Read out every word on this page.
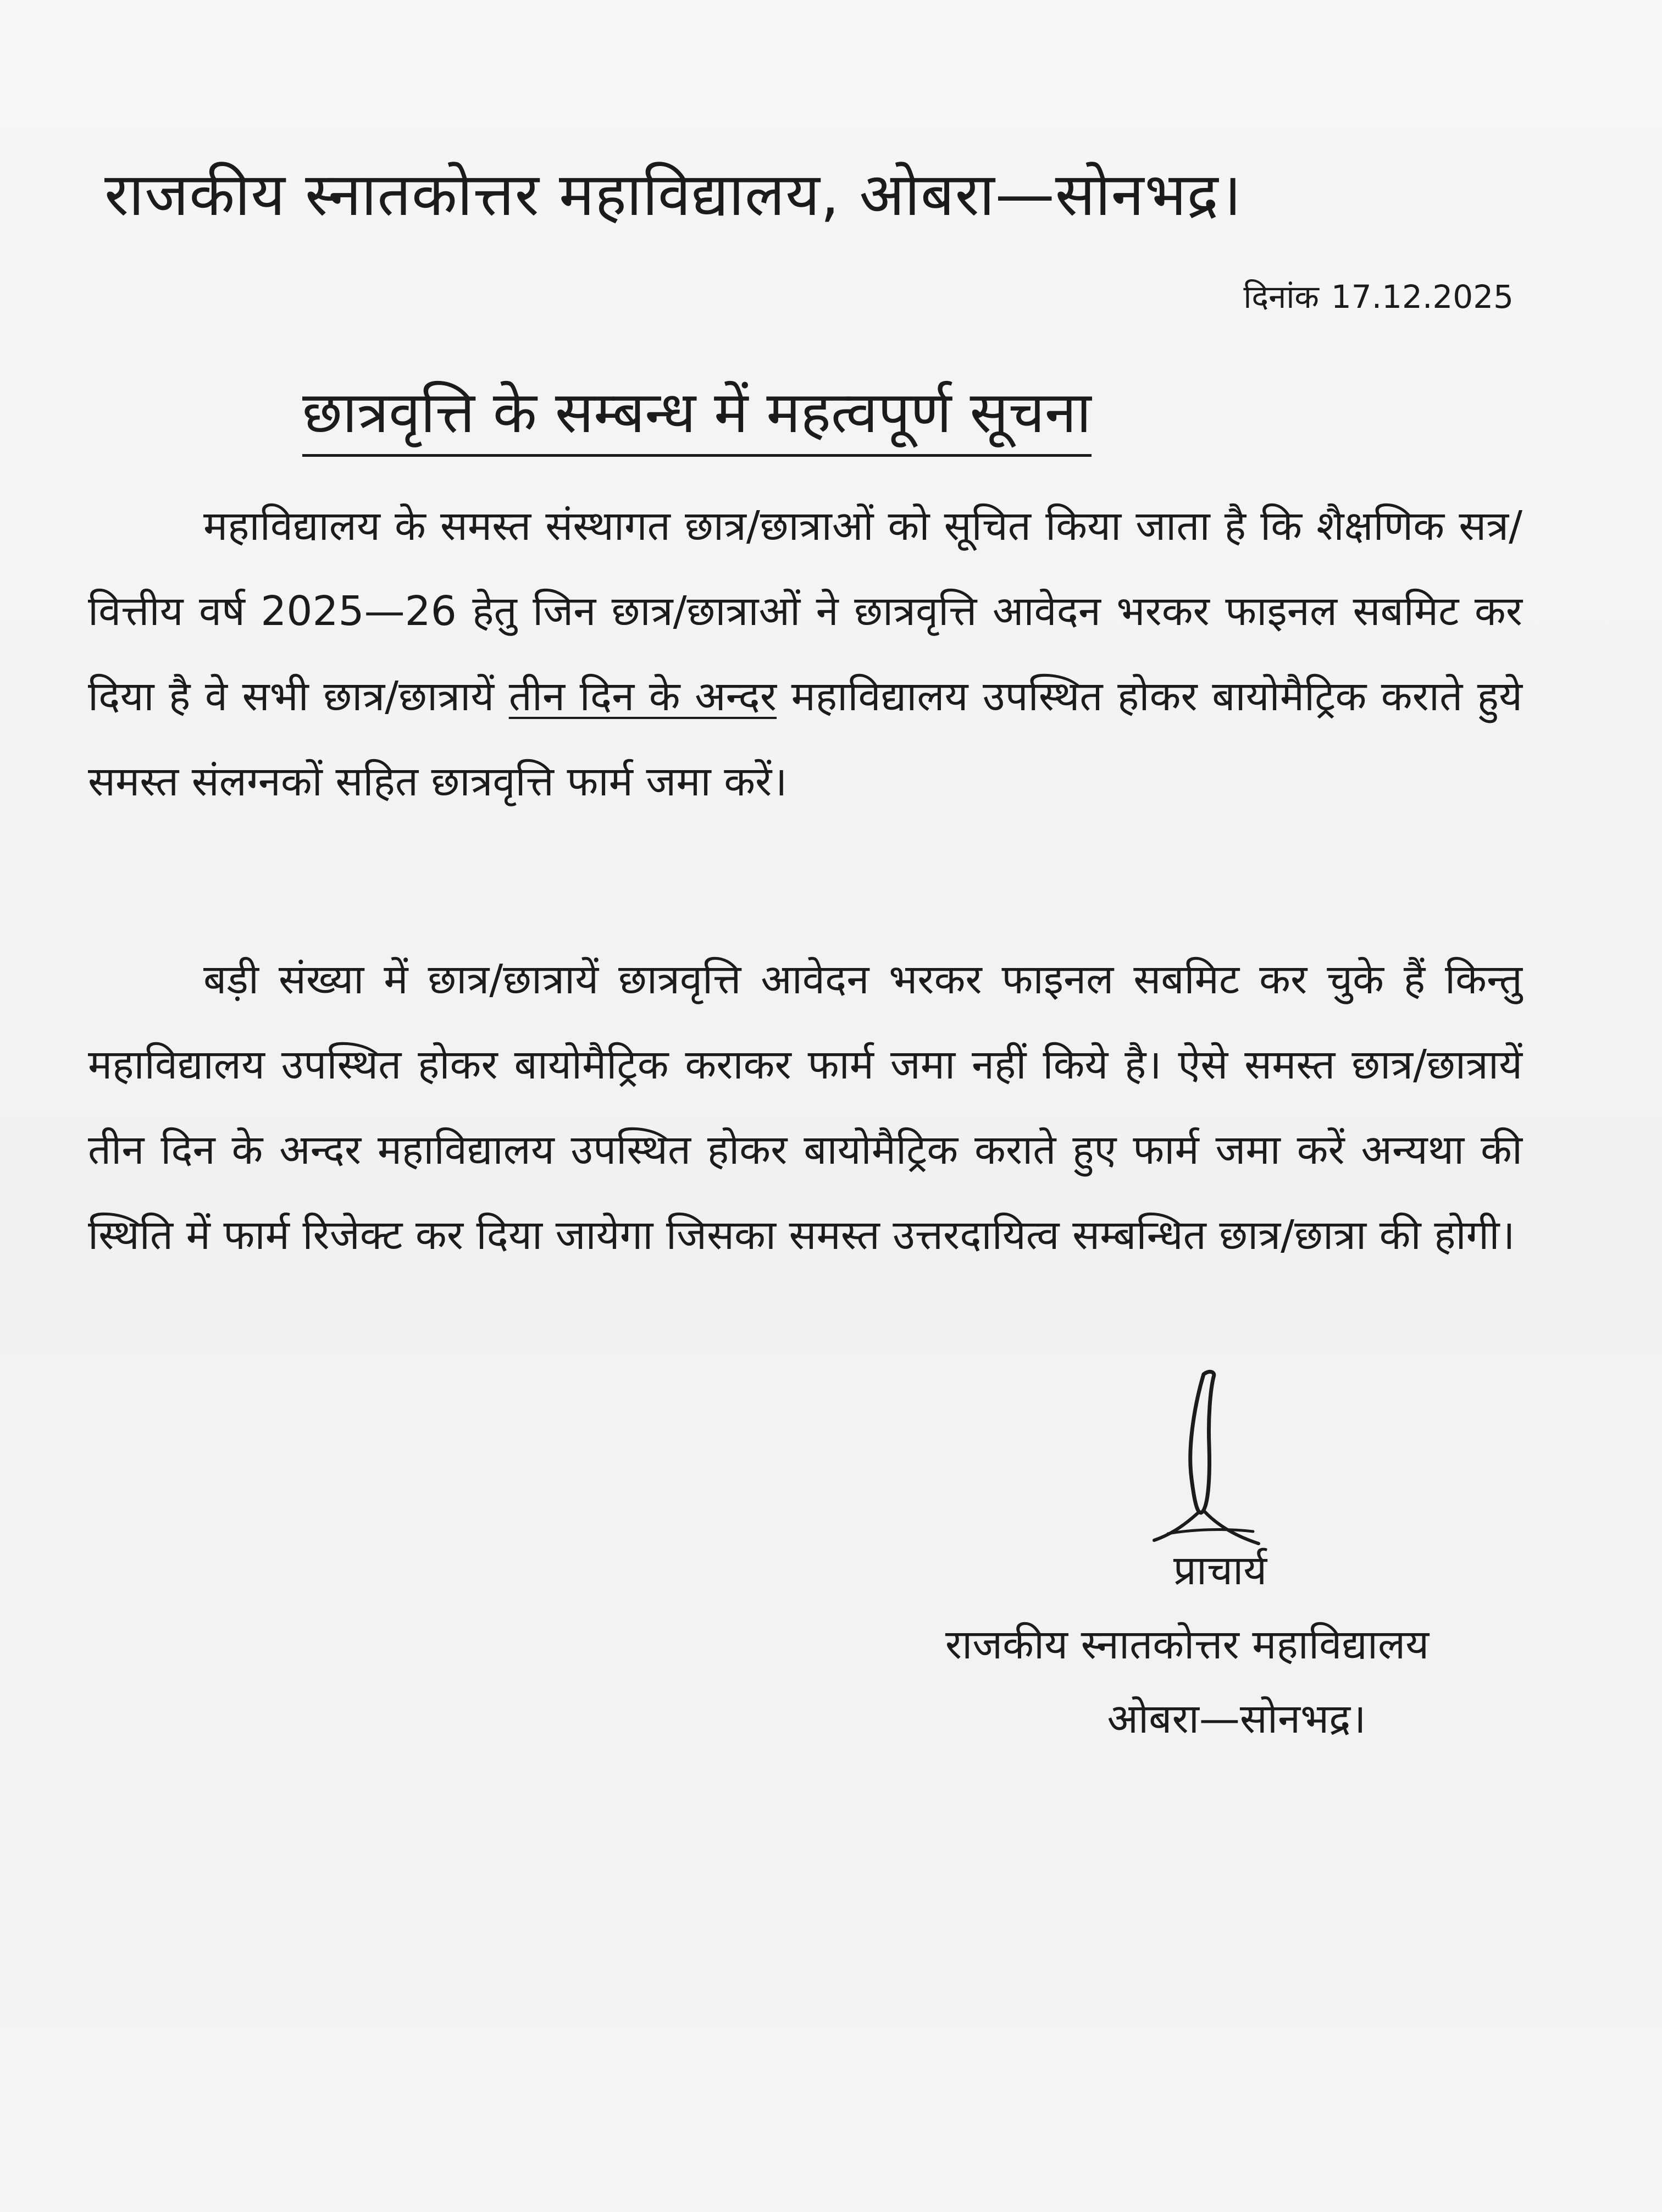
राजकीय स्नातकोत्तर महाविद्यालय, ओबरा—सोनभद्र।
दिनांक 17.12.2025
छात्रवृत्ति के सम्बन्ध में महत्वपूर्ण सूचना

महाविद्यालय के समस्त संस्थागत छात्र/छात्राओं को सूचित किया जाता है कि शैक्षणिक सत्र/वित्तीय वर्ष 2025—26 हेतु जिन छात्र/छात्राओं ने छात्रवृत्ति आवेदन भरकर फाइनल सबमिट कर दिया है वे सभी छात्र/छात्रायें तीन दिन के अन्दर महाविद्यालय उपस्थित होकर बायोमैट्रिक कराते हुये समस्त संलग्नकों सहित छात्रवृत्ति फार्म जमा करें।

बड़ी संख्या में छात्र/छात्रायें छात्रवृत्ति आवेदन भरकर फाइनल सबमिट कर चुके हैं किन्तु महाविद्यालय उपस्थित होकर बायोमैट्रिक कराकर फार्म जमा नहीं किये है। ऐसे समस्त छात्र/छात्रायें तीन दिन के अन्दर महाविद्यालय उपस्थित होकर बायोमैट्रिक कराते हुए फार्म जमा करें अन्यथा की स्थिति में फार्म रिजेक्ट कर दिया जायेगा जिसका समस्त उत्तरदायित्व सम्बन्धित छात्र/छात्रा की होगी।

प्राचार्य
राजकीय स्नातकोत्तर महाविद्यालय
ओबरा—सोनभद्र।
